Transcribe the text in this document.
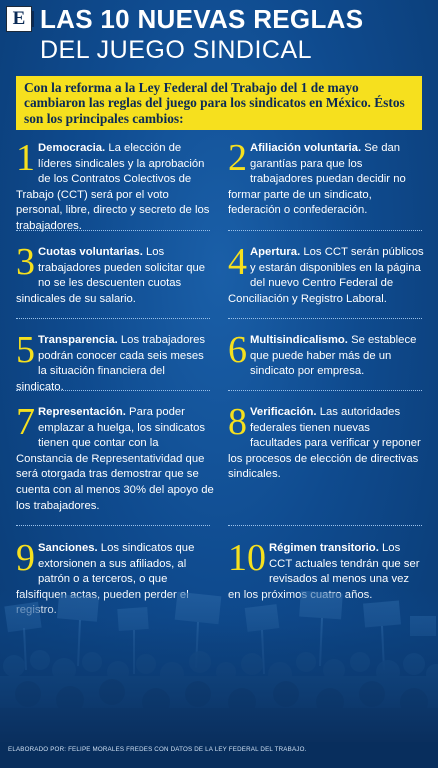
E LAS 10 NUEVAS REGLAS
DEL JUEGO SINDICAL
Con la reforma a la Ley Federal del Trabajo del 1 de mayo cambiaron las reglas del juego para los sindicatos en México. Éstos son los principales cambios:
1 Democracia. La elección de líderes sindicales y la aprobación de los Contratos Colectivos de Trabajo (CCT) será por el voto personal, libre, directo y secreto de los trabajadores.
2 Afiliación voluntaria. Se dan garantías para que los trabajadores puedan decidir no formar parte de un sindicato, federación o confederación.
3 Cuotas voluntarias. Los trabajadores pueden solicitar que no se les descuenten cuotas sindicales de su salario.
4 Apertura. Los CCT serán públicos y estarán disponibles en la página del nuevo Centro Federal de Conciliación y Registro Laboral.
5 Transparencia. Los trabajadores podrán conocer cada seis meses la situación financiera del sindicato.
6 Multisindicalismo. Se establece que puede haber más de un sindicato por empresa.
7 Representación. Para poder emplazar a huelga, los sindicatos tienen que contar con la Constancia de Representatividad que será otorgada tras demostrar que se cuenta con al menos 30% del apoyo de los trabajadores.
8 Verificación. Las autoridades federales tienen nuevas facultades para verificar y reponer los procesos de elección de directivas sindicales.
9 Sanciones. Los sindicatos que extorsionen a sus afiliados, al patrón o a terceros, o que
10 Régimen transitorio. Los CCT actuales tendrán que ser revisados al menos una vez
ELABORADO POR: FELIPE MORALES FREDES CON DATOS DE LA LEY FEDERAL DEL TRABAJO.
